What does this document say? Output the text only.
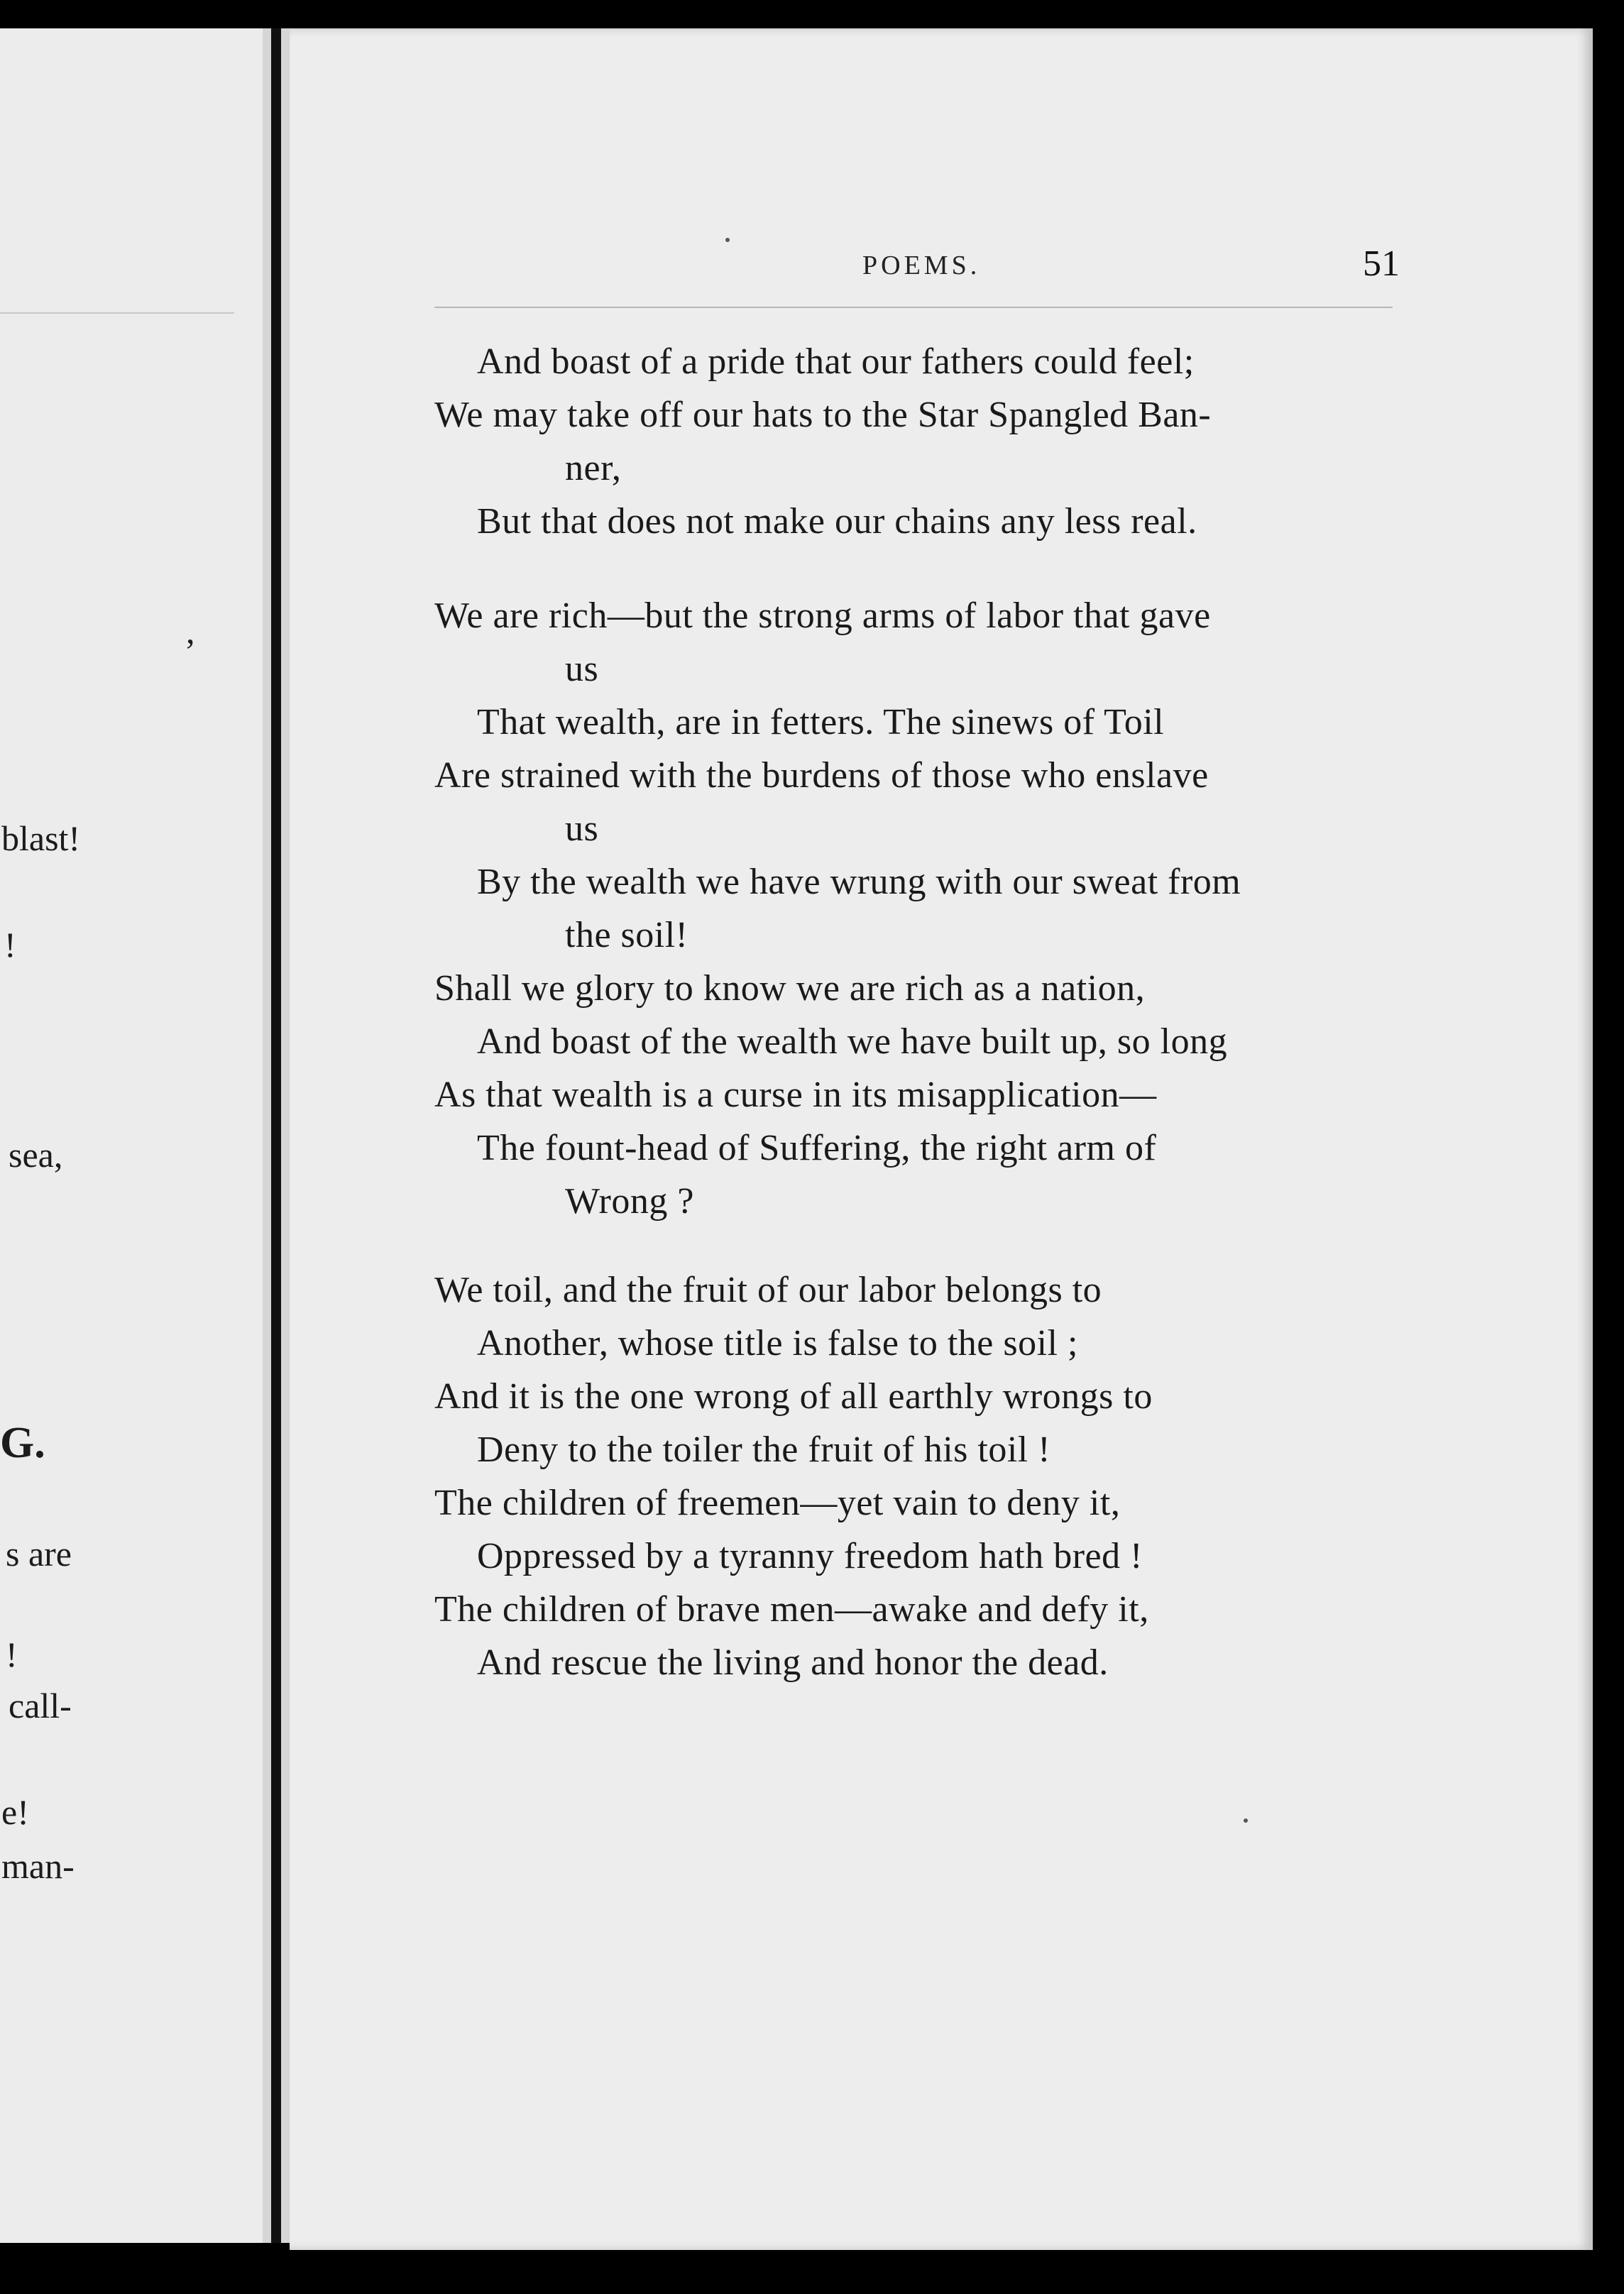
,
blast!
!
sea,
G.
s are
!
call-
e!
man-
POEMS.	51
And boast of a pride that our fathers could feel;
We may take off our hats to the Star Spangled Ban-
ner,
But that does not make our chains any less real.
We are rich—but the strong arms of labor that gave
us
That wealth, are in fetters. The sinews of Toil
Are strained with the burdens of those who enslave
us
By the wealth we have wrung with our sweat from
the soil!
Shall we glory to know we are rich as a nation,
And boast of the wealth we have built up, so long
As that wealth is a curse in its misapplication—
The fount-head of Suffering, the right arm of
Wrong ?
We toil, and the fruit of our labor belongs to
Another, whose title is false to the soil ;
And it is the one wrong of all earthly wrongs to
Deny to the toiler the fruit of his toil !
The children of freemen—yet vain to deny it,
Oppressed by a tyranny freedom hath bred !
The children of brave men—awake and defy it,
And rescue the living and honor the dead.
